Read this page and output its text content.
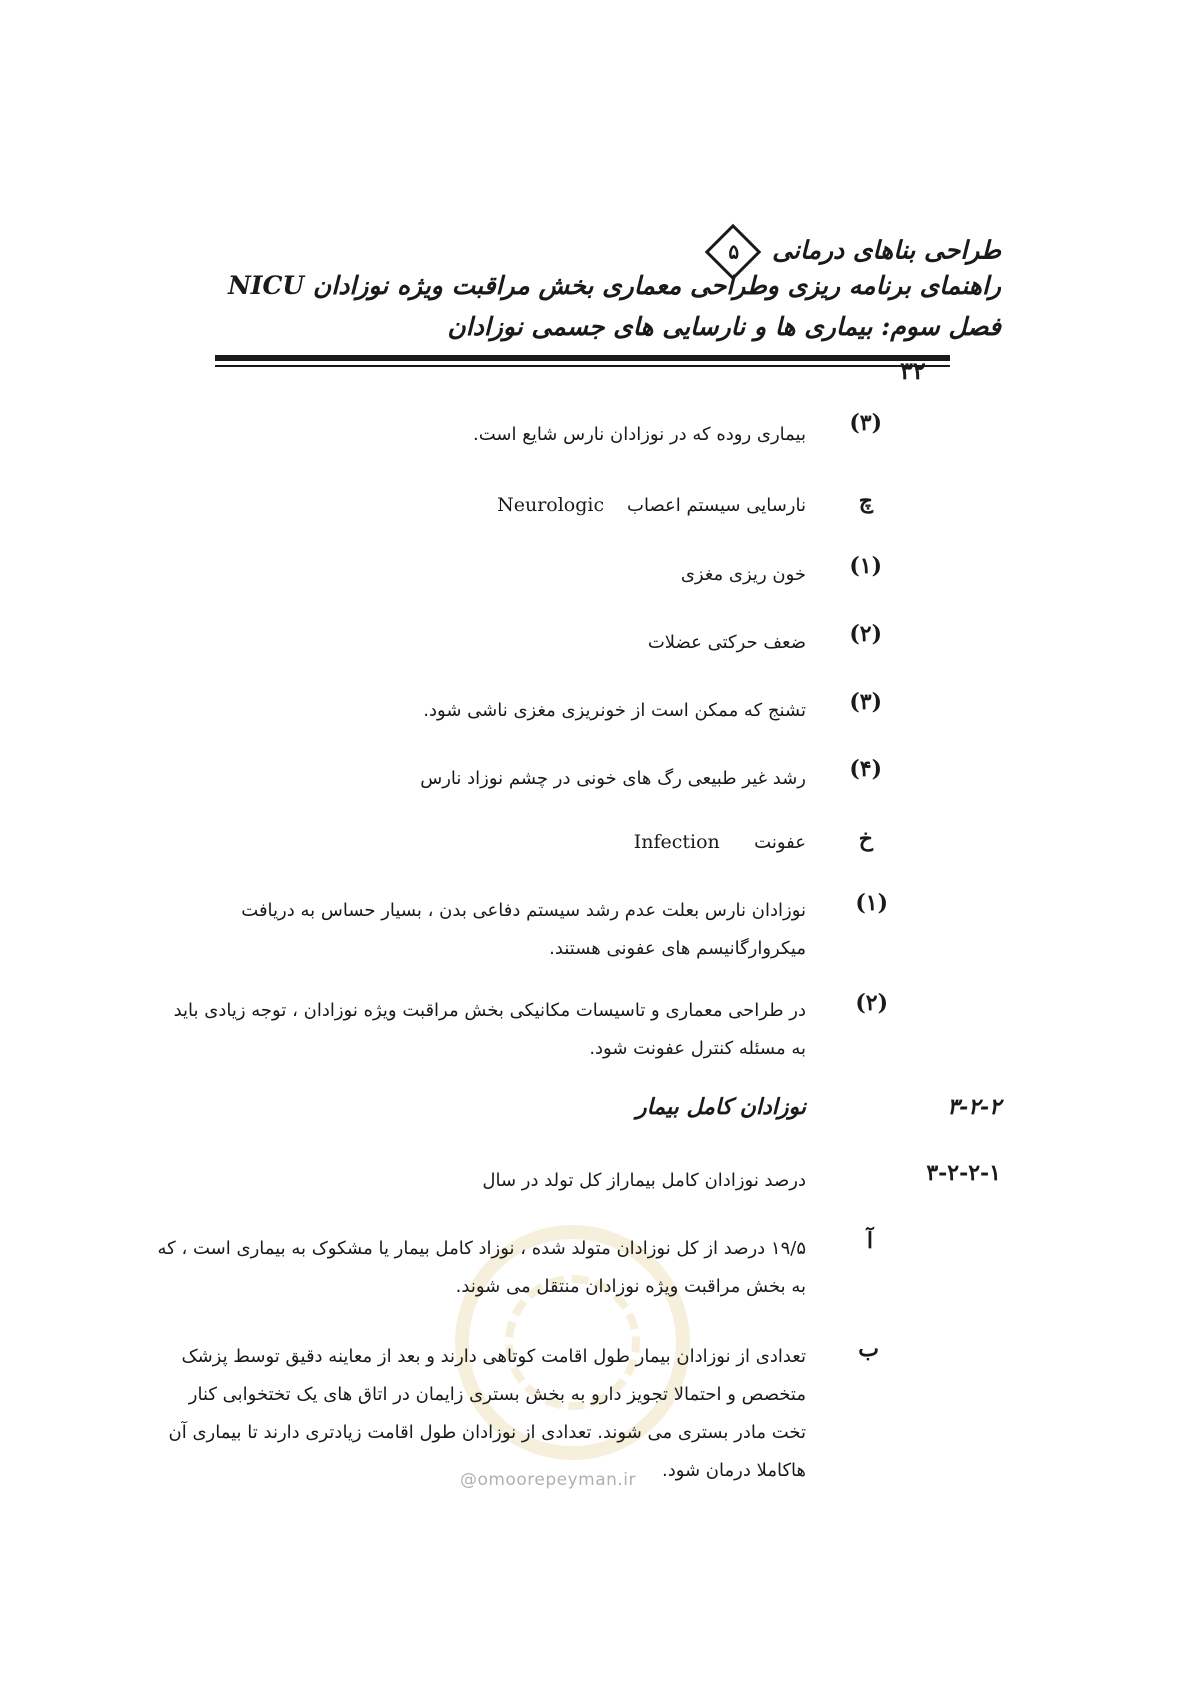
طراحی بناهای درمانی
۵
راهنمای برنامه ریزی وطراحی معماری بخش مراقبت ویژه نوزادان NICU
فصل سوم: بیماری ها و نارسایی های جسمی نوزادان
۳۲
(۳)
بیماری روده که در نوزادان نارس شایع است.
چ
نارسایی سیستم اعصاب    Neurologic
(۱)
خون ریزی مغزی
(۲)
ضعف حرکتی عضلات
(۳)
تشنج که ممکن است از خونریزی مغزی ناشی شود.
(۴)
رشد غیر طبیعی رگ های خونی در چشم نوزاد نارس
خ
عفونت      Infection
(۱)
نوزادان نارس بعلت عدم رشد سیستم دفاعی بدن ، بسیار حساس به دریافت میکروارگانیسم های عفونی هستند.
(۲)
در طراحی معماری و تاسیسات مکانیکی بخش مراقبت ویژه نوزادان ، توجه زیادی باید به مسئله کنترل عفونت شود.
۳-۲-۲
نوزادان کامل بیمار
۳-۲-۲-۱
درصد نوزادان کامل بیماراز کل تولد در سال
آ
۱۹/۵ درصد از کل نوزادان متولد شده ، نوزاد کامل بیمار یا مشکوک به بیماری است ، که به بخش مراقبت ویژه نوزادان منتقل می شوند.
ب
تعدادی از نوزادان بیمار طول اقامت کوتاهی دارند و بعد از معاینه دقیق توسط پزشک متخصص و احتمالا تجویز دارو به بخش بستری زایمان در اتاق های یک تختخوابی کنار تخت مادر بستری می شوند. تعدادی از نوزادان طول اقامت زیادتری دارند تا بیماری آن هاکاملا درمان شود.
@omoorepeyman.ir
